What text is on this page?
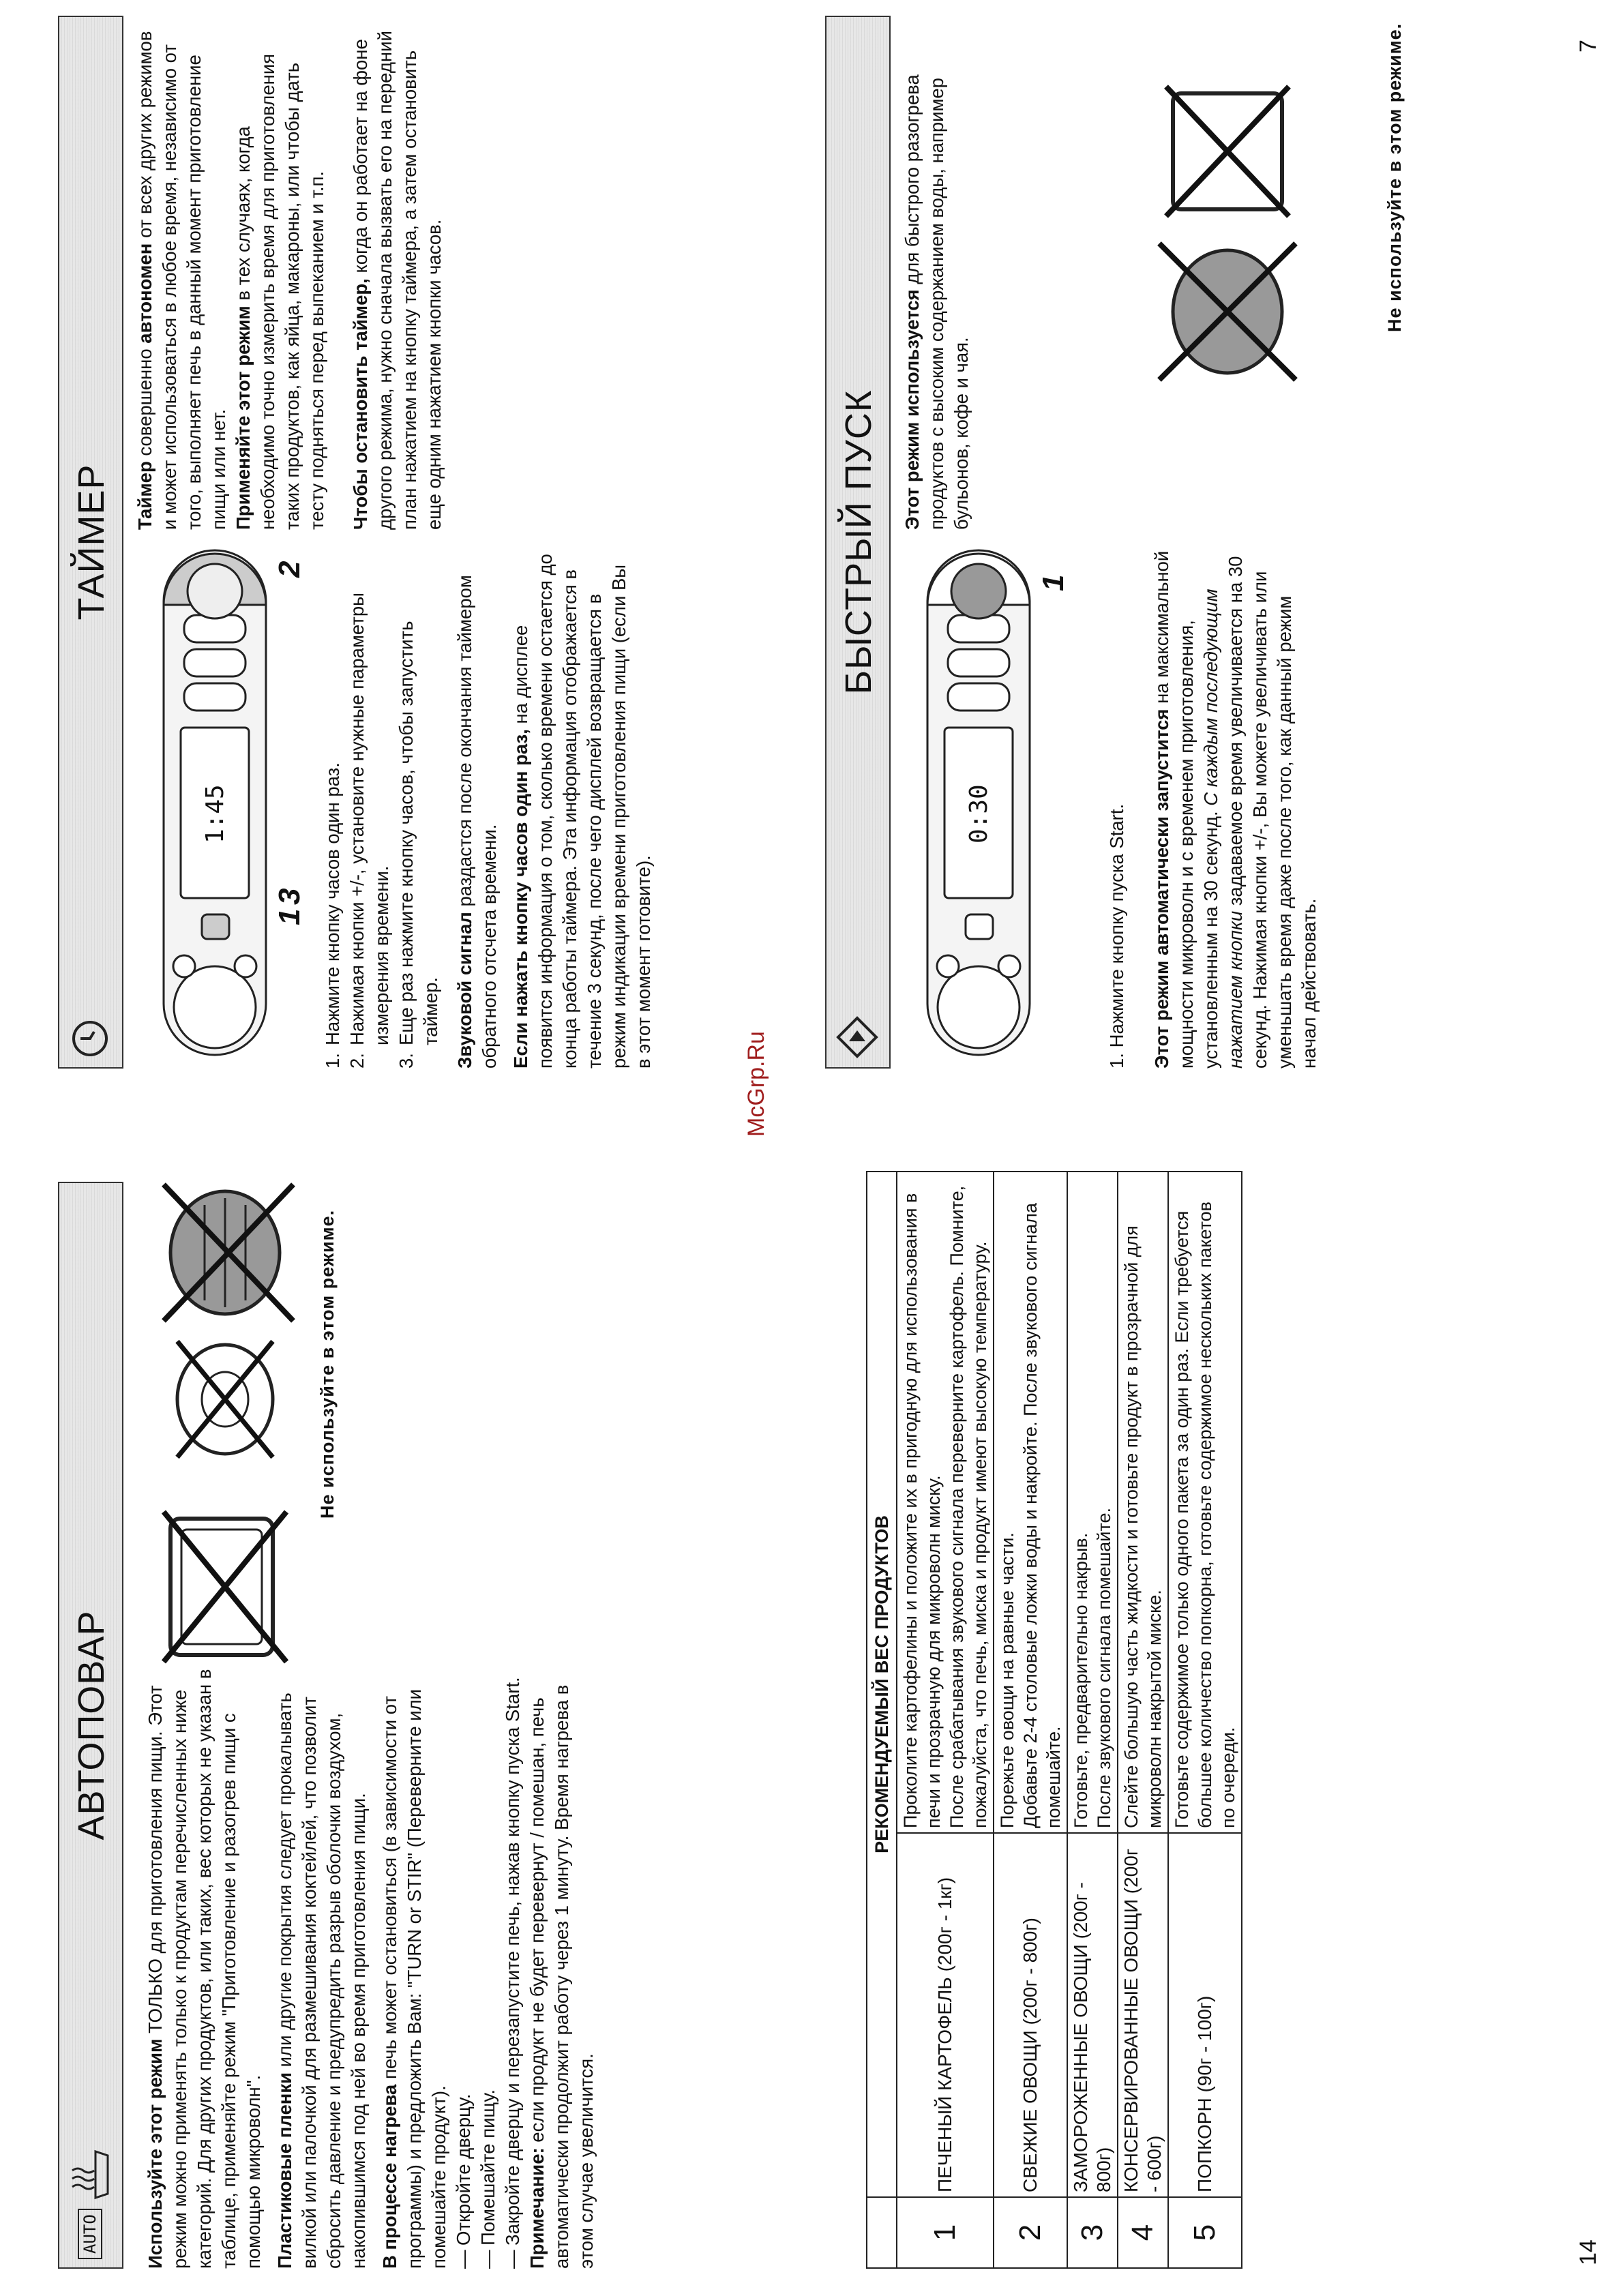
14
7
AUTO
АВТОПОВАР
Не используйте в этом режиме.

Используйте этот режим ТОЛЬКО для приготовления пищи. Этот режим можно применять только к продуктам перечисленных ниже категорий. Для других продуктов, или таких, вес которых не указан в таблице, применяйте режим "Приготовление и разогрев пищи с помощью микроволн". Пластиковые пленки или другие покрытия следует прокалывать вилкой или палочкой для размешивания коктейлей, что позволит сбросить давление и предупредить разрыв оболочки воздухом, накопившимся под ней во время приготовления пищи. В процессе нагрева печь может остановиться (в зависимости от программы) и предложить Вам: "TURN or STIR" (Переверните или помешайте продукт). —
Откройте дверцу.
—
Помешайте пищу.
—
Закройте дверцу и перезапустите печь, нажав кнопку пуска Start. Примечание: если продукт не будет перевернут / помешан, печь автоматически продолжит работу через 1 минуту. Время нагрева в этом случае увеличится.

	РЕКОМЕНДУЕМЫЙ ВЕС ПРОДУКТОВ	
1	ПЕЧЕНЫЙ КАРТОФЕЛЬ (200г - 1кг)	Проколите картофелины и положите их в пригодную для использования в печи и прозрачную для микроволн миску. После срабатывания звукового сигнала переверните картофель. Помните, пожалуйста, что печь, миска и продукт имеют высокую температуру.

2	СВЕЖИЕ ОВОЩИ (200г - 800г)	Порежьте овощи на равные части. Добавьте 2-4 столовые ложки воды и накройте. После звукового сигнала помешайте.

3	ЗАМОРОЖЕННЫЕ ОВОЩИ (200г - 800г)	Готовьте, предварительно накрыв. После звукового сигнала помешайте.

4	КОНСЕРВИРОВАННЫЕ ОВОЩИ (200г - 600г)	Слейте большую часть жидкости и готовьте продукт в прозрачной для микроволн накрытой миске.

5	ПОПКОРН (90г - 100г)	Готовьте содержимое только одного пакета за один раз. Если требуется большее количество попкорна, готовьте содержимое нескольких пакетов по очереди.
McGrp.Ru
ТАЙМЕР
1:45
1
3
2
1.
Нажмите кнопку часов один раз.
2.
Нажимая кнопки +/-, установите нужные параметры измерения времени.
3.
Еще раз нажмите кнопку часов, чтобы запустить таймер. Звуковой сигнал раздастся после окончания таймером обратного отсчета времени. Если нажать кнопку часов один раз, на дисплее появится информация о том, сколько времени остается до конца работы таймера. Эта информация отображается в течение 3 секунд, после чего дисплей возвращается в режим индикации времени приготовления пищи (если Вы в этот момент готовите).

Таймер совершенно автономен от всех других режимов и может использоваться в любое время, независимо от того, выполняет печь в данный момент приготовление пищи или нет. Применяйте этот режим в тех случаях, когда необходимо точно измерить время для приготовления таких продуктов, как яйца, макароны, или чтобы дать тесту подняться перед выпеканием и т.п. Чтобы остановить таймер, когда он работает на фоне другого режима, нужно сначала вызвать его на передний план нажатием на кнопку таймера, а затем остановить еще одним нажатием кнопки часов.

БЫСТРЫЙ ПУСК
0:30
1

1. Нажмите кнопку пуска Start. Этот режим автоматически запустится на максимальной мощности микроволн и с временем приготовления, установленным на 30 секунд. С каждым последующим нажатием кнопки задаваемое время увеличивается на 30 секунд. Нажимая кнопки +/-, Вы можете увеличивать или уменьшать время даже после того, как данный режим начал действовать.

Этот режим используется для быстрого разогрева продуктов с высоким содержанием воды, например бульонов, кофе и чая.

Не используйте в этом режиме.
